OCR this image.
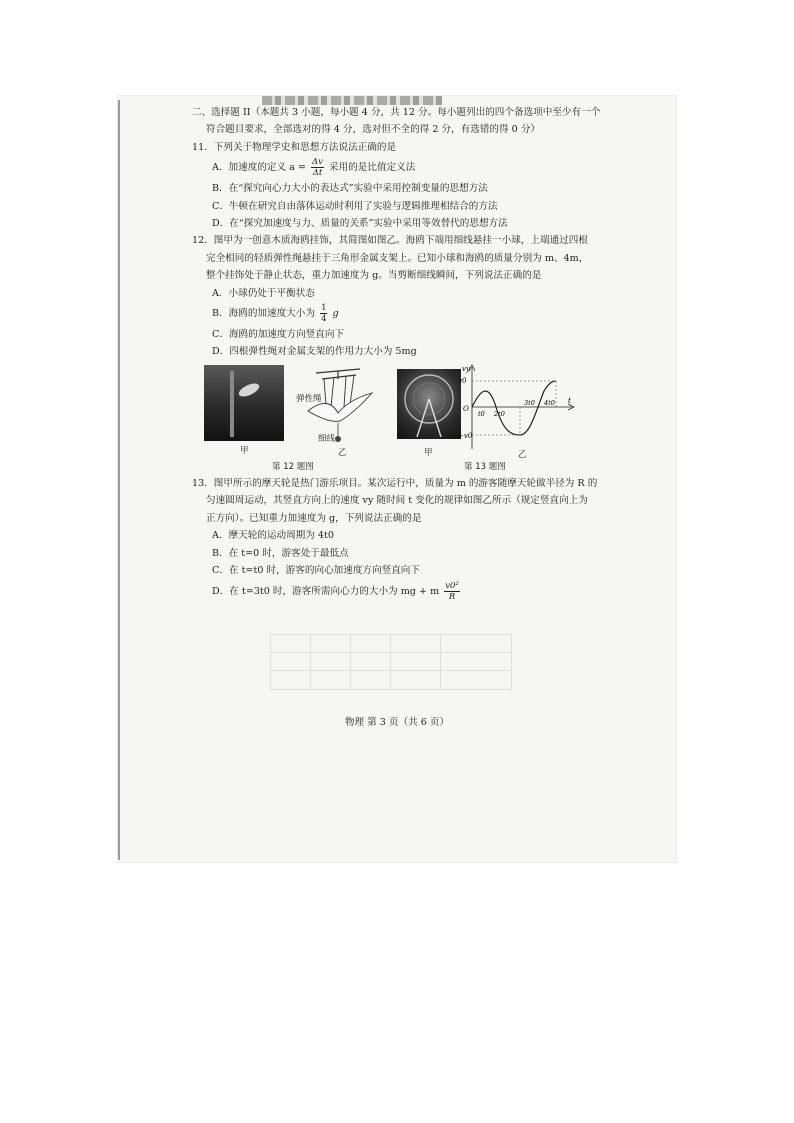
二、选择题 II（本题共 3 小题，每小题 4 分，共 12 分。每小题列出的四个备选项中至少有一个
符合题目要求，全部选对的得 4 分，选对但不全的得 2 分，有选错的得 0 分）
11．下列关于物理学史和思想方法说法正确的是
A．加速度的定义 $a = \frac{\Delta v}{\Delta t}$ 采用的是比值定义法
B．在“探究向心力大小的表达式”实验中采用控制变量的思想方法
C．牛顿在研究自由落体运动时利用了实验与逻辑推理相结合的方法
D．在“探究加速度与力、质量的关系”实验中采用等效替代的思想方法
12．图甲为一创意木质海鸥挂饰，其简图如图乙。海鸥下端用细线悬挂一小球，上端通过四根
完全相同的轻质弹性绳悬挂于三角形金属支架上。已知小球和海鸥的质量分别为 m、4m，
整个挂饰处于静止状态，重力加速度为 g。当剪断细线瞬间，下列说法正确的是
A．小球仍处于平衡状态
B．海鸥的加速度大小为 $\frac{1}{4}$ g
C．海鸥的加速度方向竖直向下
D．四根弹性绳对金属支架的作用力大小为 5mg
甲
弹性绳
细线
乙	甲
vy
v0
O
−v0
t
t0 2t0
3t0 4t0
乙
第 12 题图	第 13 题图
13．图甲所示的摩天轮是热门游乐项目。某次运行中，质量为 m 的游客随摩天轮做半径为 R 的
匀速圆周运动，其竖直方向上的速度 vy 随时间 t 变化的规律如图乙所示（规定竖直向上为
正方向）。已知重力加速度为 g，下列说法正确的是
A．摩天轮的运动周期为 4t0
B．在 t=0 时，游客处于最低点
C．在 t=t0 时，游客的向心加速度方向竖直向下
D．在 t=3t0 时，游客所需向心力的大小为 mg + m $\frac{\text{v0²}}{R}$
物理 第 3 页（共 6 页）
